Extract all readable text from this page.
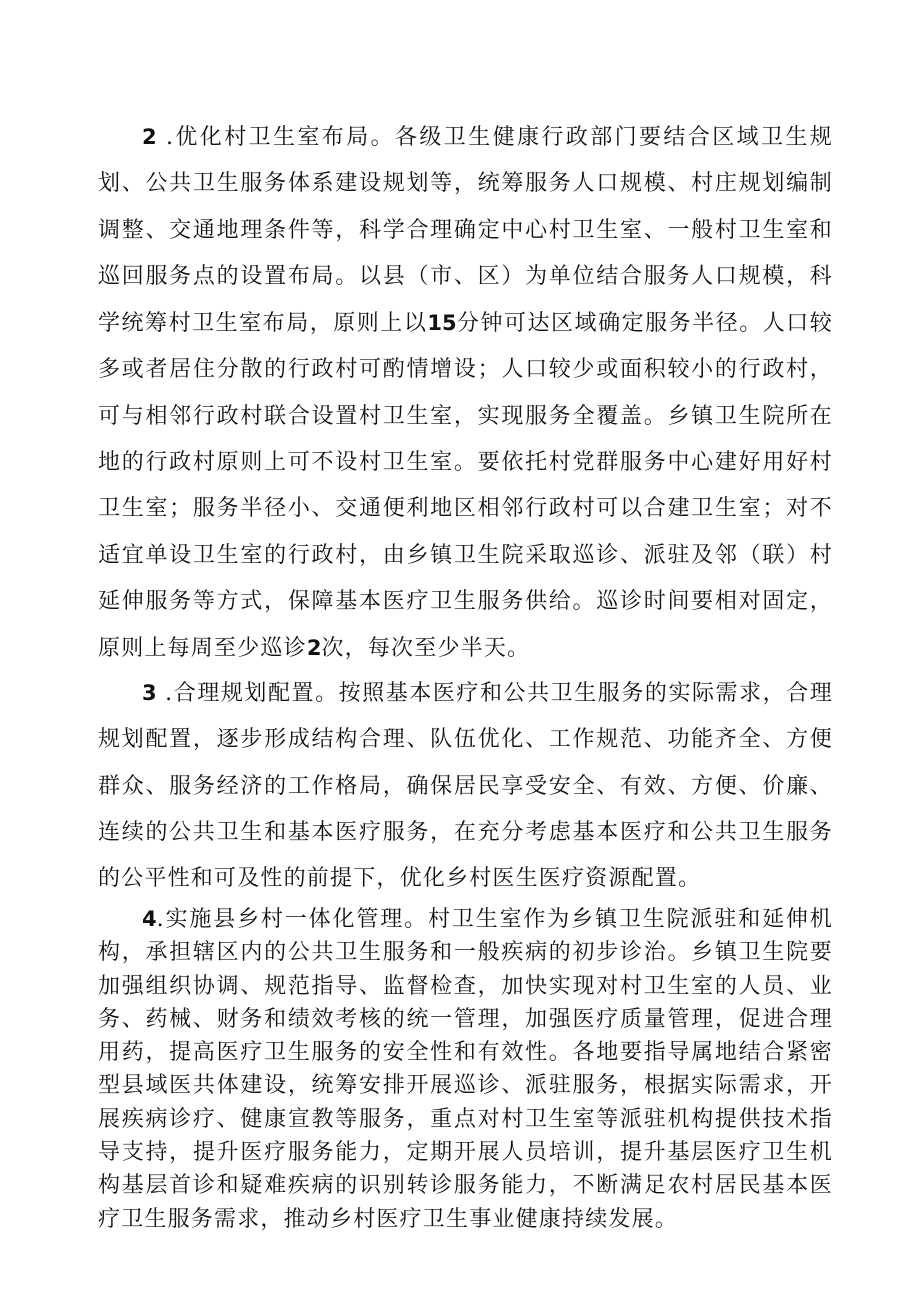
2 .优化村卫生室布局。各级卫生健康行政部门要结合区域卫生规划、公共卫生服务体系建设规划等，统筹服务人口规模、村庄规划编制调整、交通地理条件等，科学合理确定中心村卫生室、一般村卫生室和巡回服务点的设置布局。以县（市、区）为单位结合服务人口规模，科学统筹村卫生室布局，原则上以15分钟可达区域确定服务半径。人口较多或者居住分散的行政村可酌情增设；人口较少或面积较小的行政村，可与相邻行政村联合设置村卫生室，实现服务全覆盖。乡镇卫生院所在地的行政村原则上可不设村卫生室。要依托村党群服务中心建好用好村卫生室；服务半径小、交通便利地区相邻行政村可以合建卫生室；对不适宜单设卫生室的行政村，由乡镇卫生院采取巡诊、派驻及邻（联）村延伸服务等方式，保障基本医疗卫生服务供给。巡诊时间要相对固定，原则上每周至少巡诊2次，每次至少半天。

3 .合理规划配置。按照基本医疗和公共卫生服务的实际需求，合理规划配置，逐步形成结构合理、队伍优化、工作规范、功能齐全、方便群众、服务经济的工作格局，确保居民享受安全、有效、方便、价廉、连续的公共卫生和基本医疗服务，在充分考虑基本医疗和公共卫生服务的公平性和可及性的前提下，优化乡村医生医疗资源配置。

4.实施县乡村一体化管理。村卫生室作为乡镇卫生院派驻和延伸机构，承担辖区内的公共卫生服务和一般疾病的初步诊治。乡镇卫生院要加强组织协调、规范指导、监督检查，加快实现对村卫生室的人员、业务、药械、财务和绩效考核的统一管理，加强医疗质量管理，促进合理用药，提高医疗卫生服务的安全性和有效性。各地要指导属地结合紧密型县域医共体建设，统筹安排开展巡诊、派驻服务，根据实际需求，开展疾病诊疗、健康宣教等服务，重点对村卫生室等派驻机构提供技术指导支持，提升医疗服务能力，定期开展人员培训，提升基层医疗卫生机构基层首诊和疑难疾病的识别转诊服务能力，不断满足农村居民基本医疗卫生服务需求，推动乡村医疗卫生事业健康持续发展。
